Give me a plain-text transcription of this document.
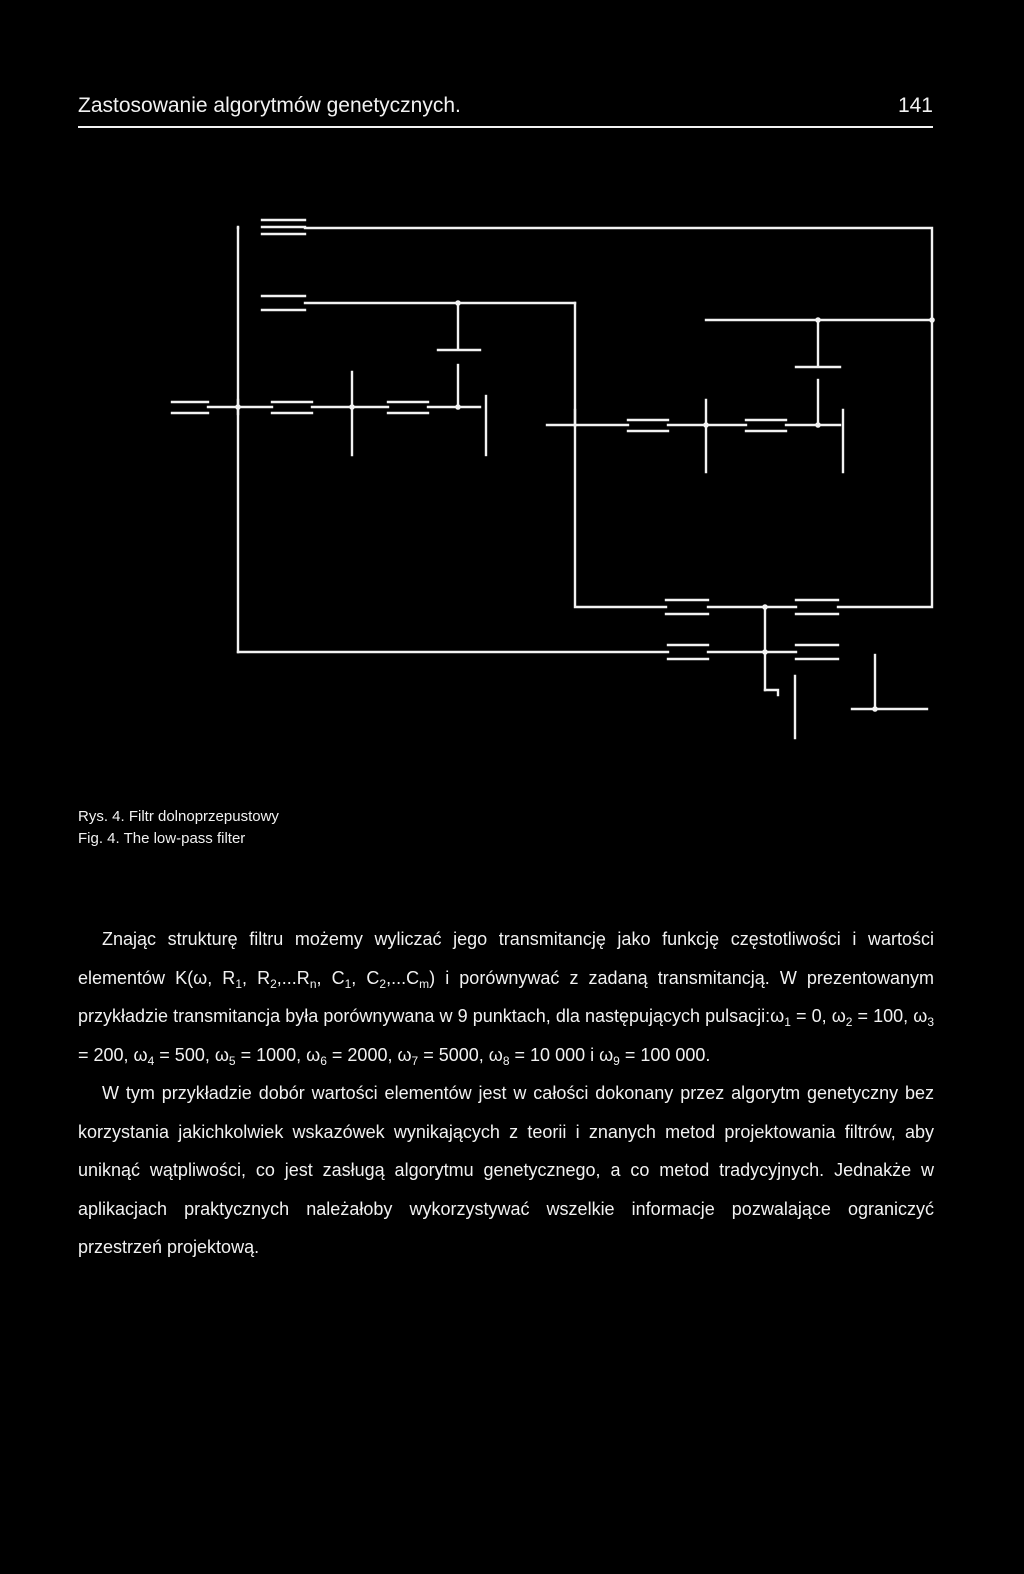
Zastosowanie algorytmów genetycznych.	141
Rys. 4. Filtr dolnoprzepustowy
Fig. 4. The low-pass filter

Znając strukturę filtru możemy wyliczać jego transmitancję jako funkcję częstotliwości i wartości elementów K(ω, $R_1$, $R_2,...R_n$, $C_1$, $C_2,...C_m$) i porównywać z zadaną transmitancją. W prezentowanym przykładzie transmitancja była porównywana w 9 punktach, dla następujących $pulsacji:\omega_1 = 0$, $\omega_2 = 100$, $\omega_3 = 200$, $\omega_4 = 500$, $\omega_5 = 1000$, $\omega_6 = 2000$, $\omega_7 = 5000$, $\omega_8 = 10$ 000 i $\omega_9 = 100$ 000.

W tym przykładzie dobór wartości elementów jest w całości dokonany przez algorytm genetyczny bez korzystania jakichkolwiek wskazówek wynikających z teorii i znanych metod projektowania filtrów, aby uniknąć wątpliwości, co jest zasługą algorytmu genetycznego, a co metod tradycyjnych. Jednakże w aplikacjach praktycznych należałoby wykorzystywać wszelkie informacje pozwalające ograniczyć przestrzeń projektową.
